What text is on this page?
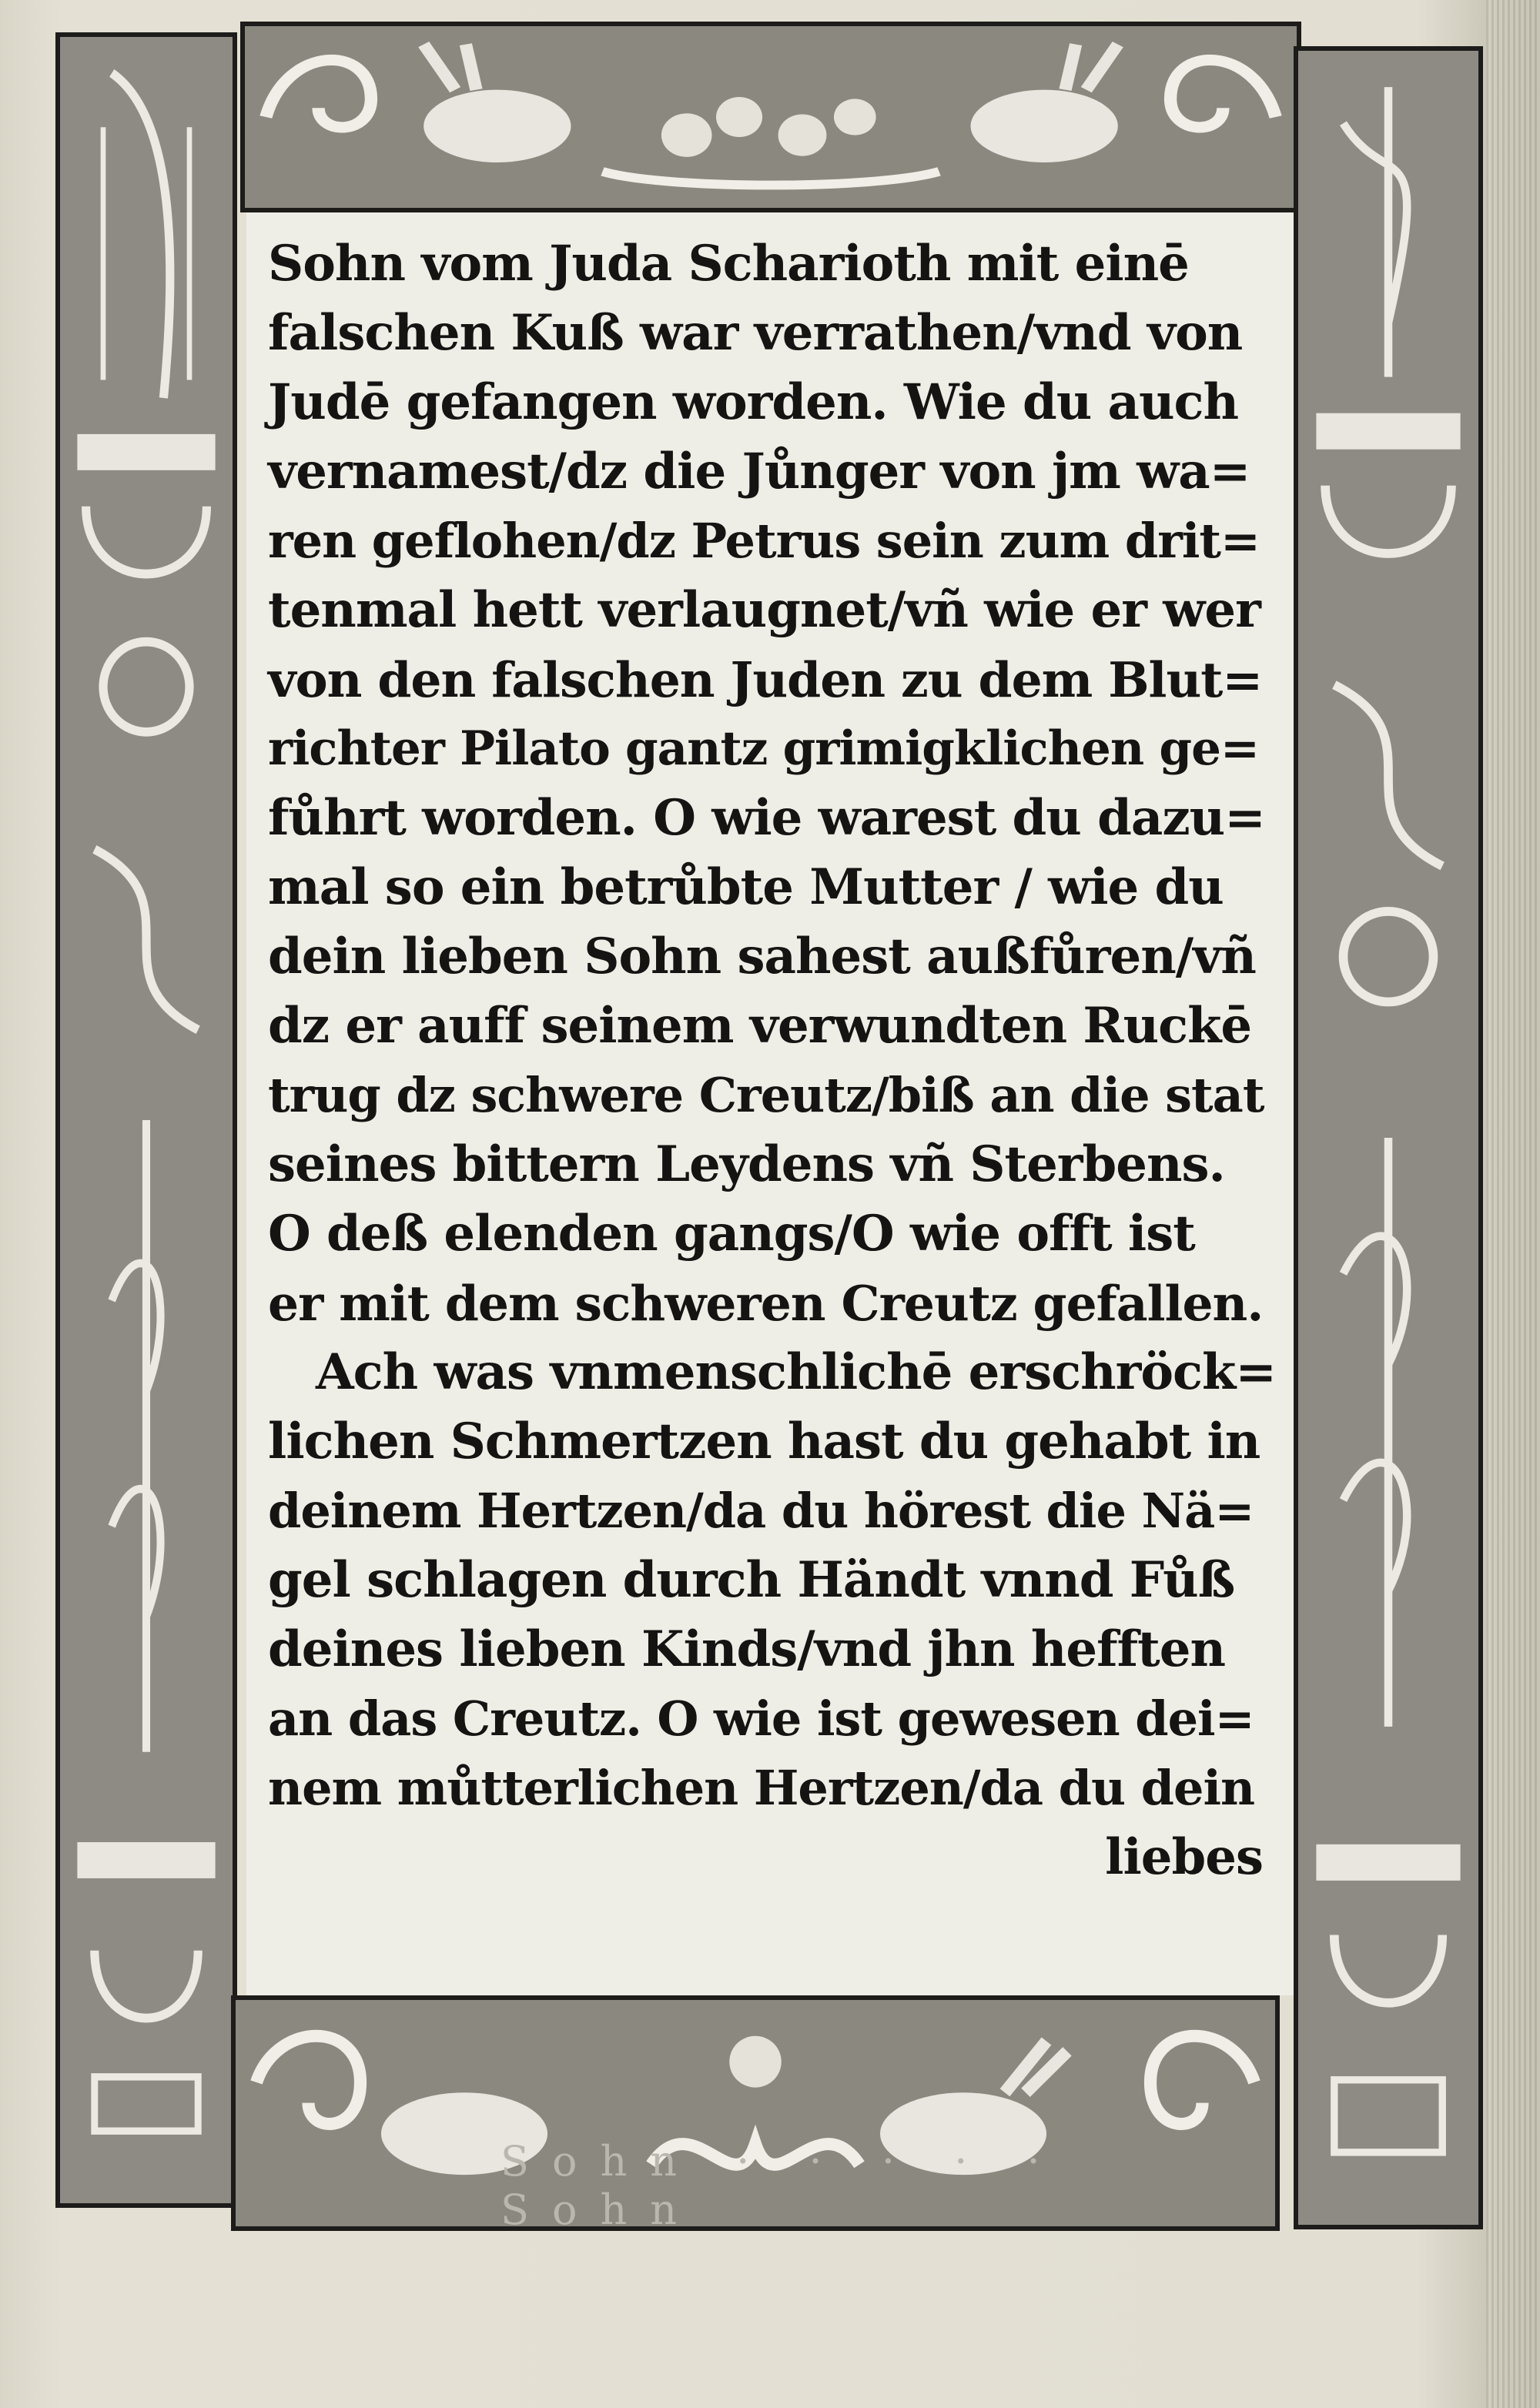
Sohn · · · · · Sohn
Sohn vom Juda Scharioth mit einē
falschen Kuß war verrathen/vnd von
Judē gefangen worden. Wie du auch
vernamest/dz die Jůnger von jm wa=
ren geflohen/dz Petrus sein zum drit=
tenmal hett verlaugnet/vñ wie er wer
von den falschen Juden zu dem Blut=
richter Pilato gantz grimigklichen ge=
fůhrt worden. O wie warest du dazu=
mal so ein betrůbte Mutter / wie du
dein lieben Sohn sahest außfůren/vñ
dz er auff seinem verwundten Ruckē
trug dz schwere Creutz/biß an die stat
seines bittern Leydens vñ Sterbens.
O deß elenden gangs/O wie offt ist
er mit dem schweren Creutz gefallen.
Ach was vnmenschlichē erschröck=
lichen Schmertzen hast du gehabt in
deinem Hertzen/da du hörest die Nä=
gel schlagen durch Händt vnnd Fůß
deines lieben Kinds/vnd jhn hefften
an das Creutz. O wie ist gewesen dei=
nem můtterlichen Hertzen/da du dein
liebes
